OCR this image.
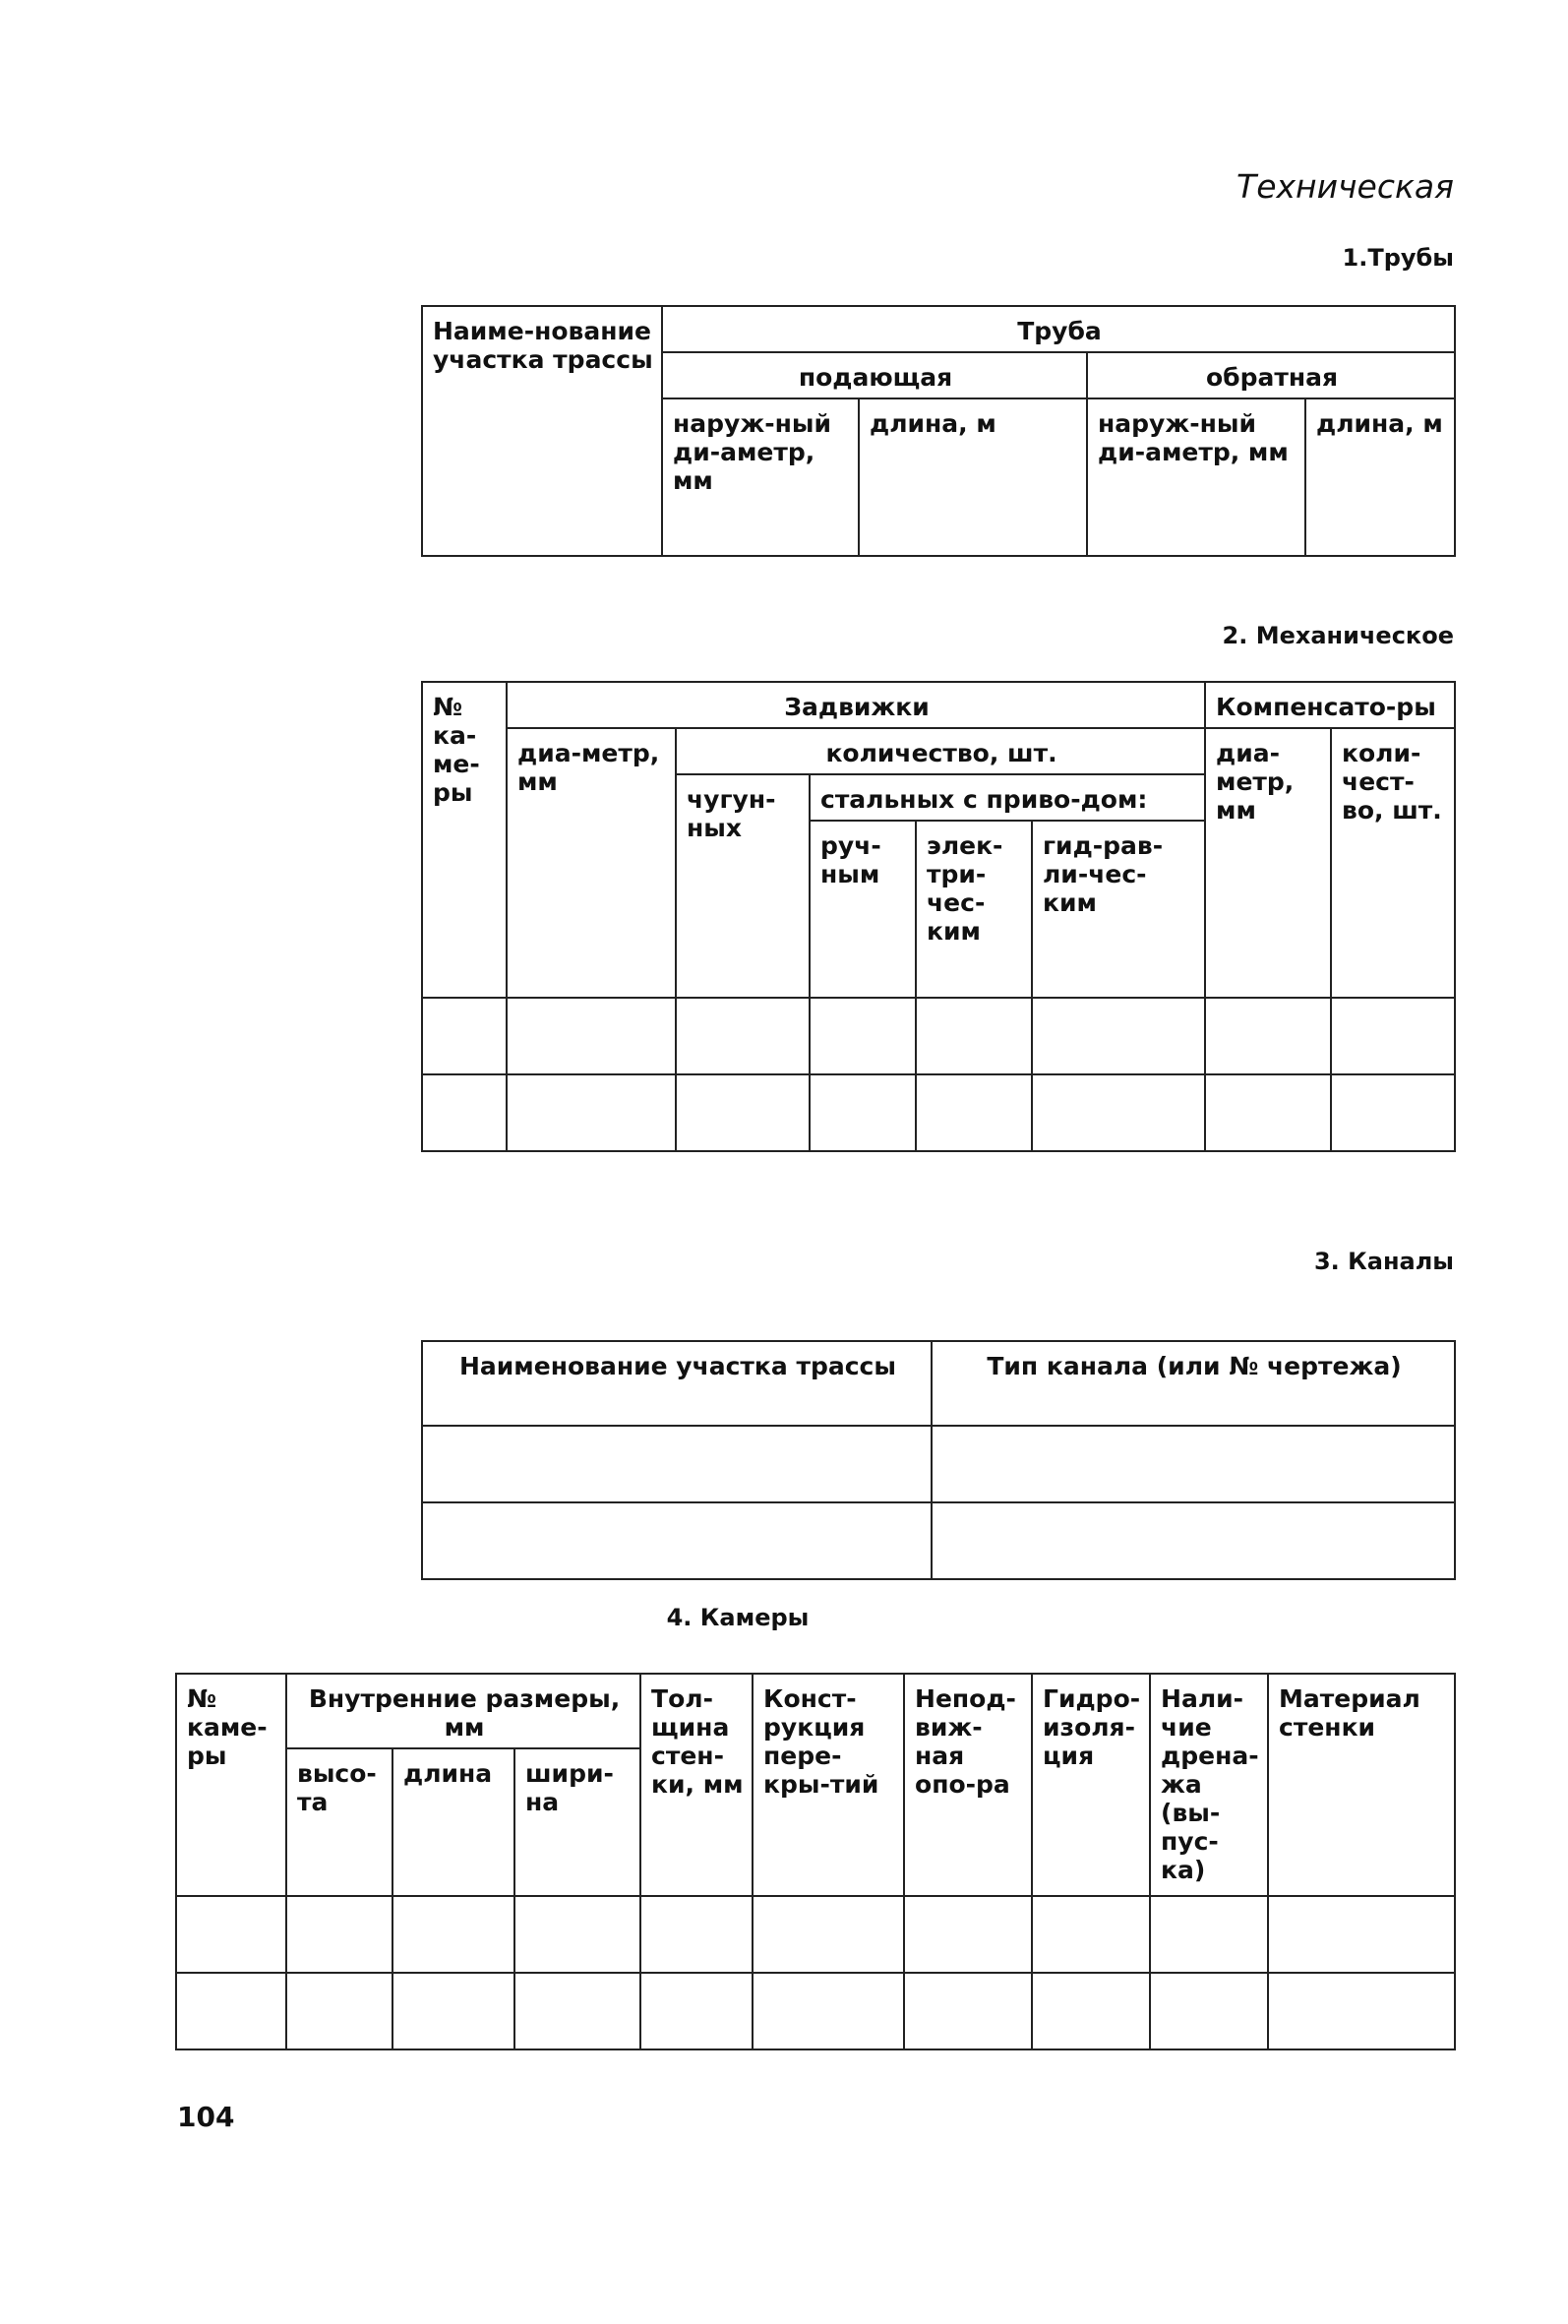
Техническая
1.Трубы
Наиме-нование участка трассы	Труба			
	подающая		обратная	
	наруж-ный ди-аметр, мм	длина, м	наруж-ный ди-аметр, мм	длина, м
2. Механическое
№ ка-ме-ры	Задвижки					Компенсато-ры	
	диа-метр, мм	количество, шт.				диа-метр, мм	коли-чест-во, шт.
		чугун-ных	стальных с приво-дом:				
			руч-ным	элек-три-чес-ким	гид-рав-ли-чес-ким		

3. Каналы
Наименование участка трассы	Тип канала (или № чертежа)

4. Камеры
№ каме-ры	Внутренние размеры, мм			Тол-щина стен-ки, мм	Конст-рукция пере-кры-тий	Непод-виж-ная опо-ра	Гидро-изоля-ция	Нали-чие дрена-жа (вы-пус-ка)	Материал стенки
	высо-та	длина	шири-на						

104
